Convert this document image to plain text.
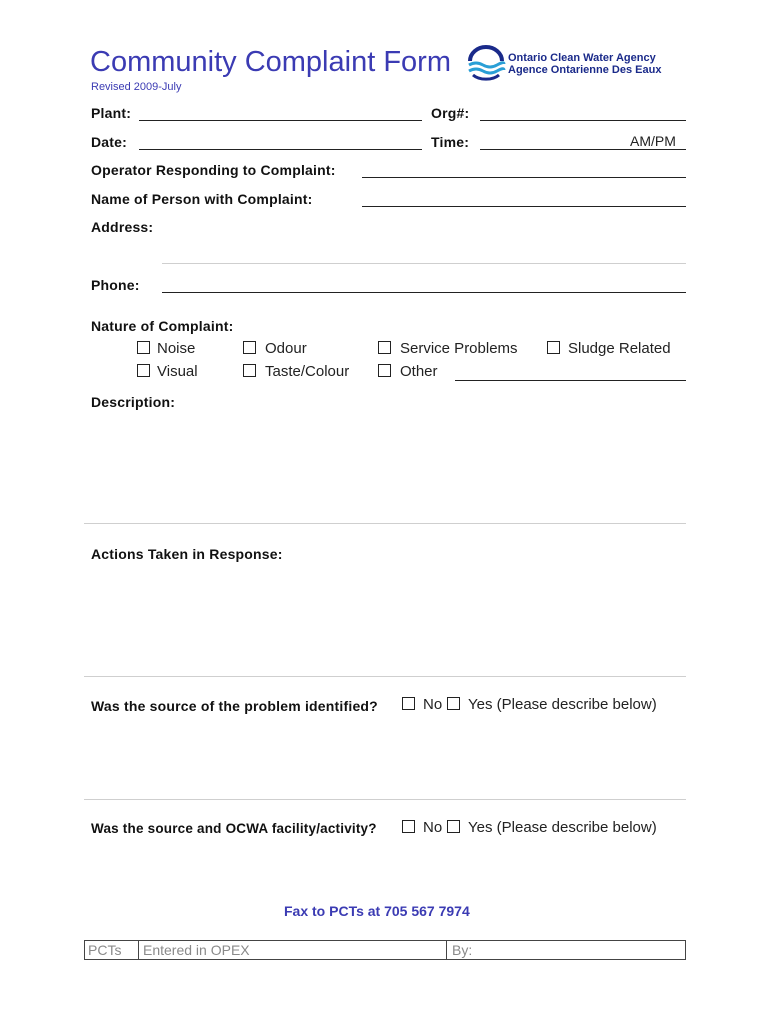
Community Complaint Form
Revised 2009-July
Ontario Clean Water Agency
Agence Ontarienne Des Eaux
Plant:	Org#:
Date:	Time:	AM/PM
Operator Responding to Complaint:
Name of Person with Complaint:
Address:
Phone:
Nature of Complaint:
Noise	Odour	Service Problems	Sludge Related
Visual	Taste/Colour	Other
Description:
Actions Taken in Response:
Was the source of the problem identified?	No Yes (Please describe below)
Was the source and OCWA facility/activity?	No Yes (Please describe below)
Fax to PCTs at 705 567 7974
PCTs Entered in OPEX	By:
